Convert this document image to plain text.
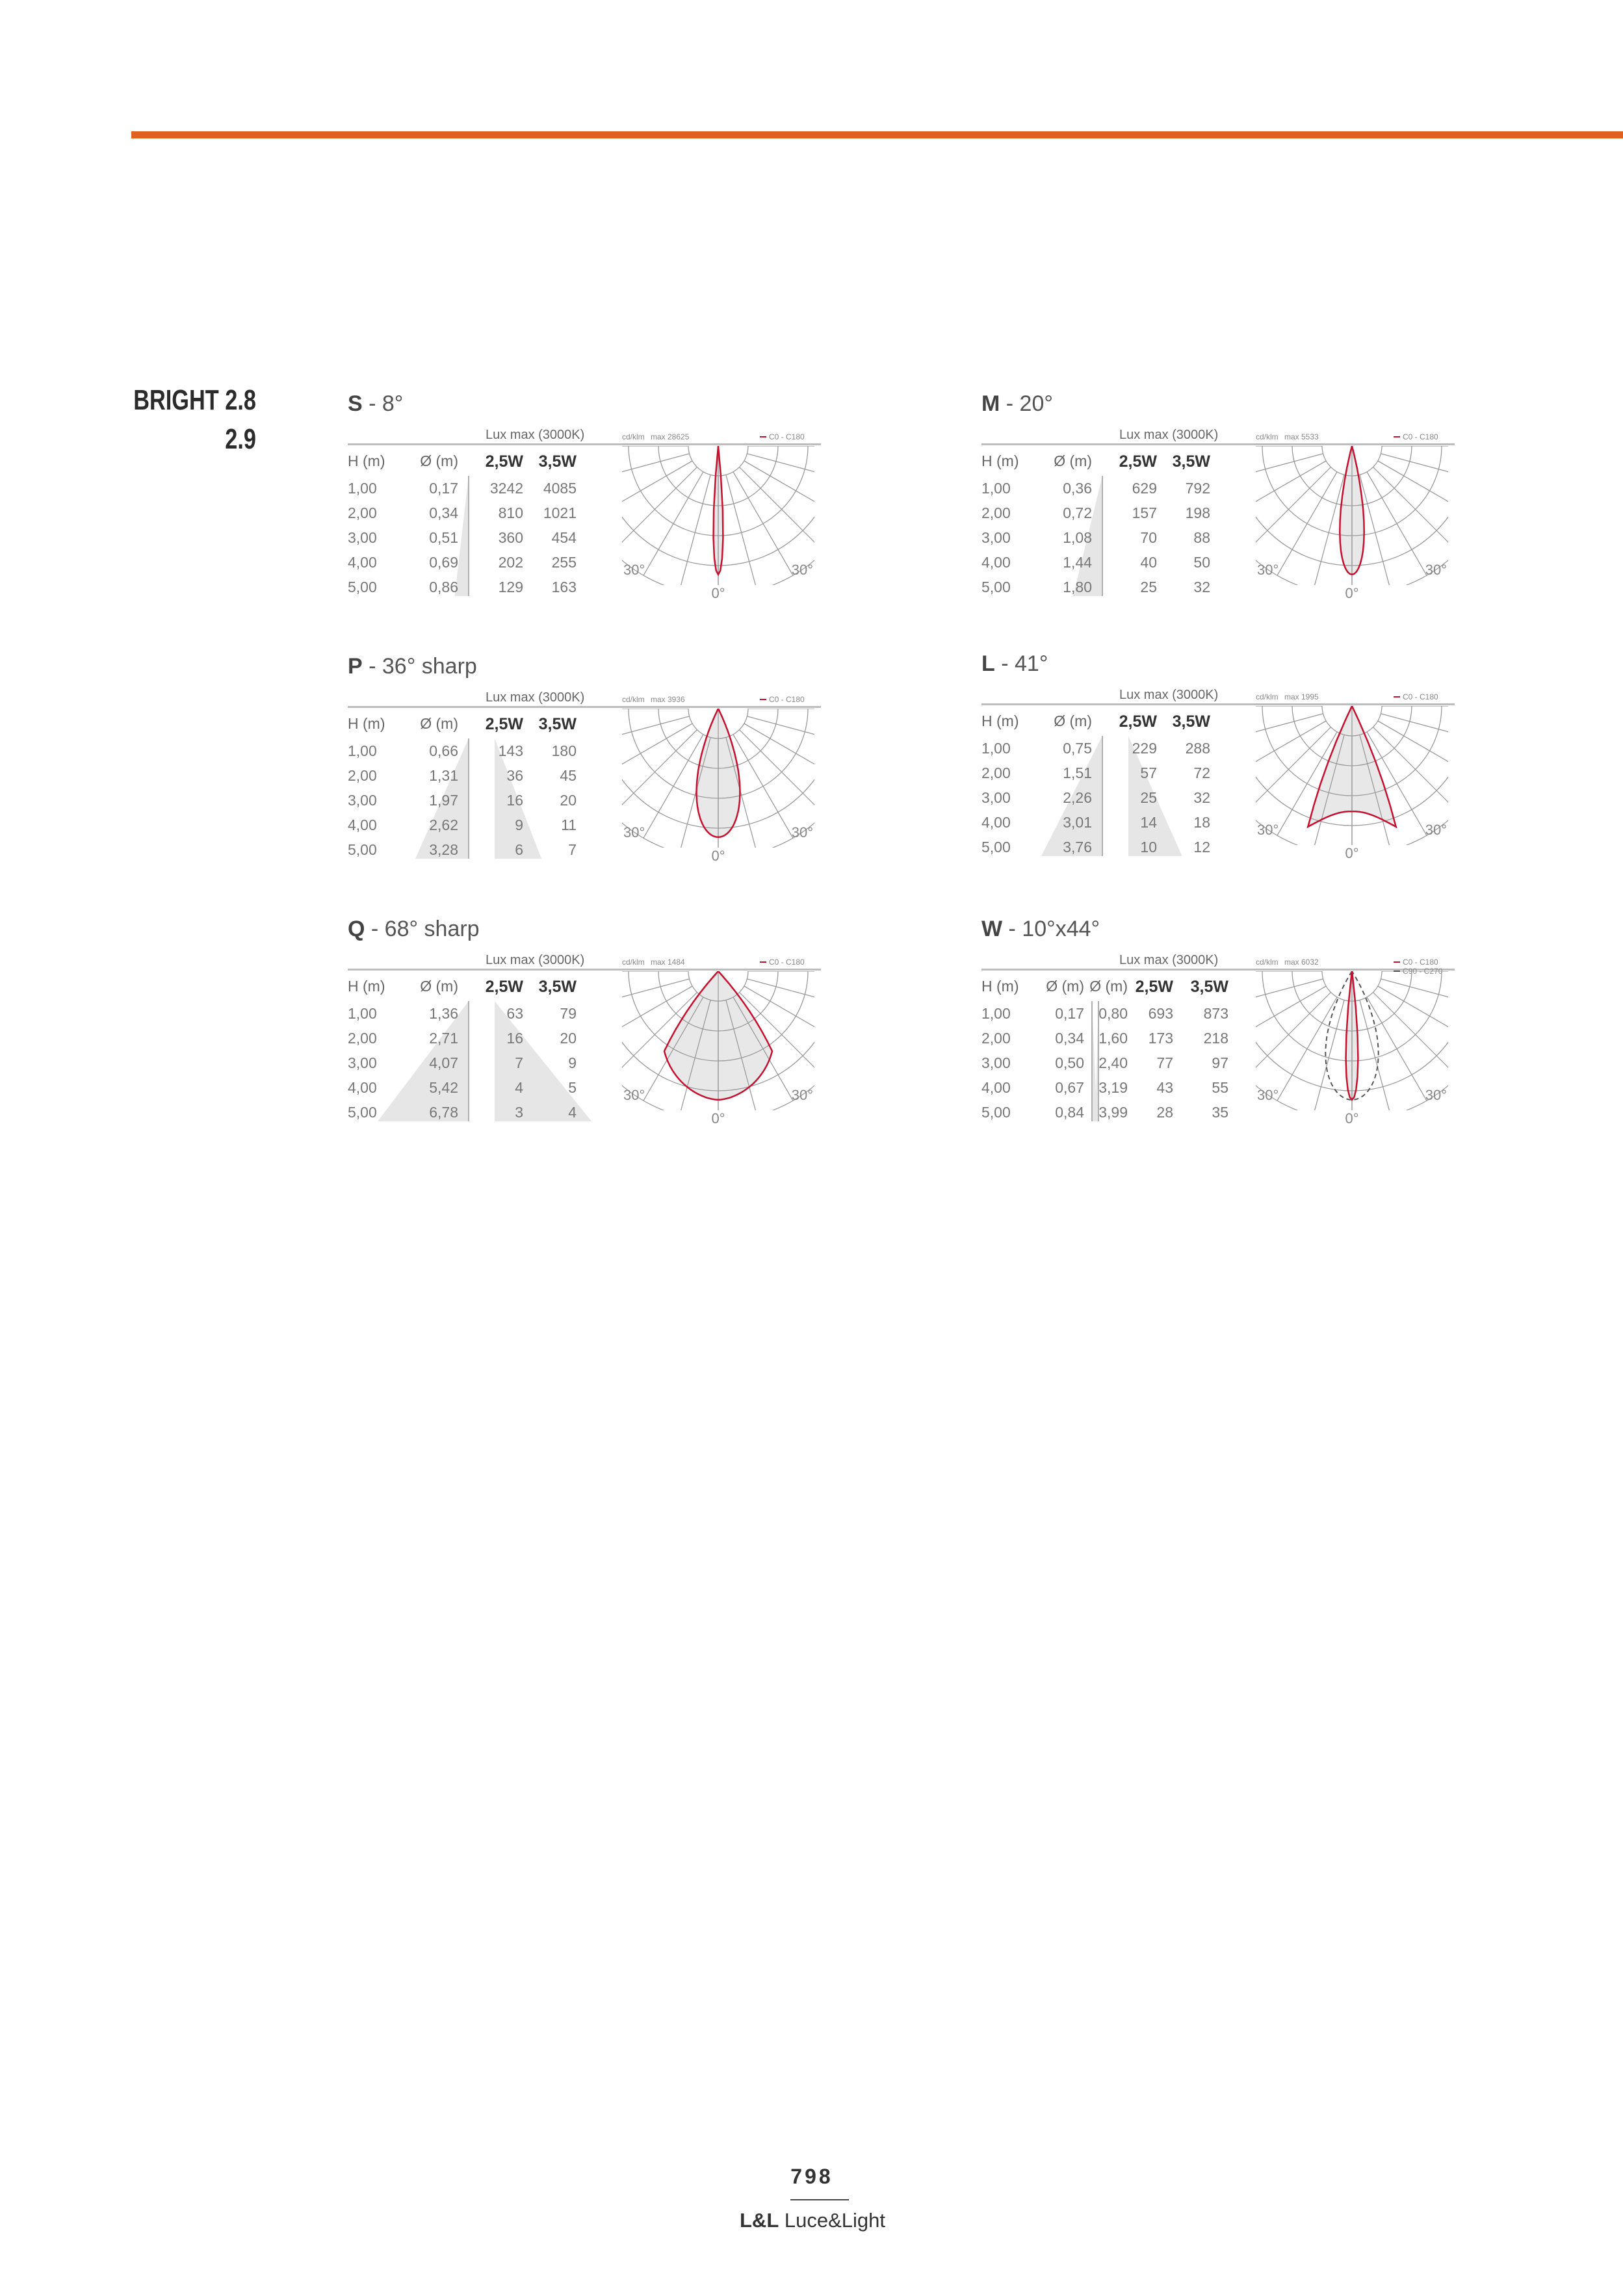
BRIGHT 2.8
2.9
S - 8°
Lux max (3000K)
H (m) Ø (m) 2,5W 3,5W
1,00	0,17 3242 4085
2,00	0,34	810 1021
3,00	0,51	360 454
4,00	0,69	202 255
5,00	0,86	129 163
cd/klm max 28625	C0 - C180
30°	30°
0°
M - 20°
Lux max (3000K)
H (m) Ø (m) 2,5W 3,5W
1,00	0,36	629 792
2,00	0,72	157 198
3,00	1,08	70 88
4,00	1,44	40 50
5,00	1,80	25 32
cd/klm max 5533	C0 - C180
30°	30°
0°
P - 36° sharp
Lux max (3000K)
H (m) Ø (m) 2,5W 3,5W
1,00	0,66	143 180
2,00	1,31	36 45
3,00	1,97	16 20
4,00	2,62	9	11
5,00	3,28	6	7
cd/klm max 3936	C0 - C180
30°	30°
0°
L - 41°
Lux max (3000K)
H (m) Ø (m) 2,5W 3,5W
1,00	0,75	229 288
2,00	1,51	57 72
3,00	2,26	25 32
4,00	3,01	14 18
5,00	3,76	10 12
cd/klm max 1995	C0 - C180
30°	30°
0°
Q - 68° sharp
Lux max (3000K)
H (m) Ø (m) 2,5W 3,5W
1,00	1,36	63 79
2,00	2,71	16 20
3,00	4,07	7	9
4,00	5,42	4	5
5,00	6,78	3	4
cd/klm max 1484	C0 - C180
30°	30°
0°
W - 10°x44°
Lux max (3000K)
H (m) Ø (m) Ø (m) 2,5W 3,5W
1,00	0,17 0,80 693 873
2,00	0,34 1,60 173 218
3,00	0,50 2,40 77	97
4,00	0,67 3,19 43	55
5,00	0,84 3,99 28	35
cd/klm max 6032	C0 - C180
C90 - C270
30°	30°
0°
798
L&L Luce&Light
